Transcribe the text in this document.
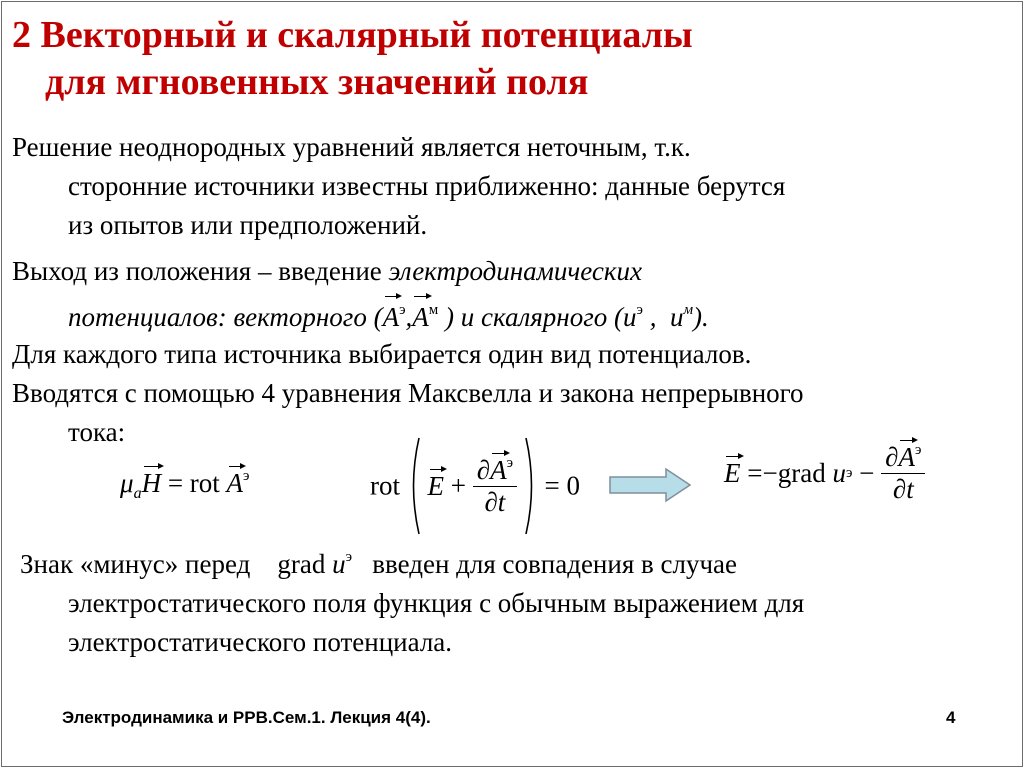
2 Векторный и скалярный потенциалы
для мгновенных значений поля
Решение неоднородных уравнений является неточным, т.к.
сторонние источники известны приближенно: данные берутся
из опытов или предположений.
Выход из положения – введение электродинамических
потенциалов: векторного ($A^э,A^м$ ) и скалярного ($u^э$ , $u^м$).
Для каждого типа источника выбирается один вид потенциалов.
Вводятся с помощью 4 уравнения Максвелла и закона непрерывного
тока:
$\mu_aH$ = rot $A^э$	rot $E + \frac{\partial A^э}{\partial t} = 0$	E =−grad uэ − $\frac{\partial A^э}{\partial t}$
Знак «минус» перед grad $u^э$ введен для совпадения в случае
электростатического поля функция с обычным выражением для
электростатического потенциала.
Электродинамика и РРВ.Сем.1. Лекция 4(4).	4
